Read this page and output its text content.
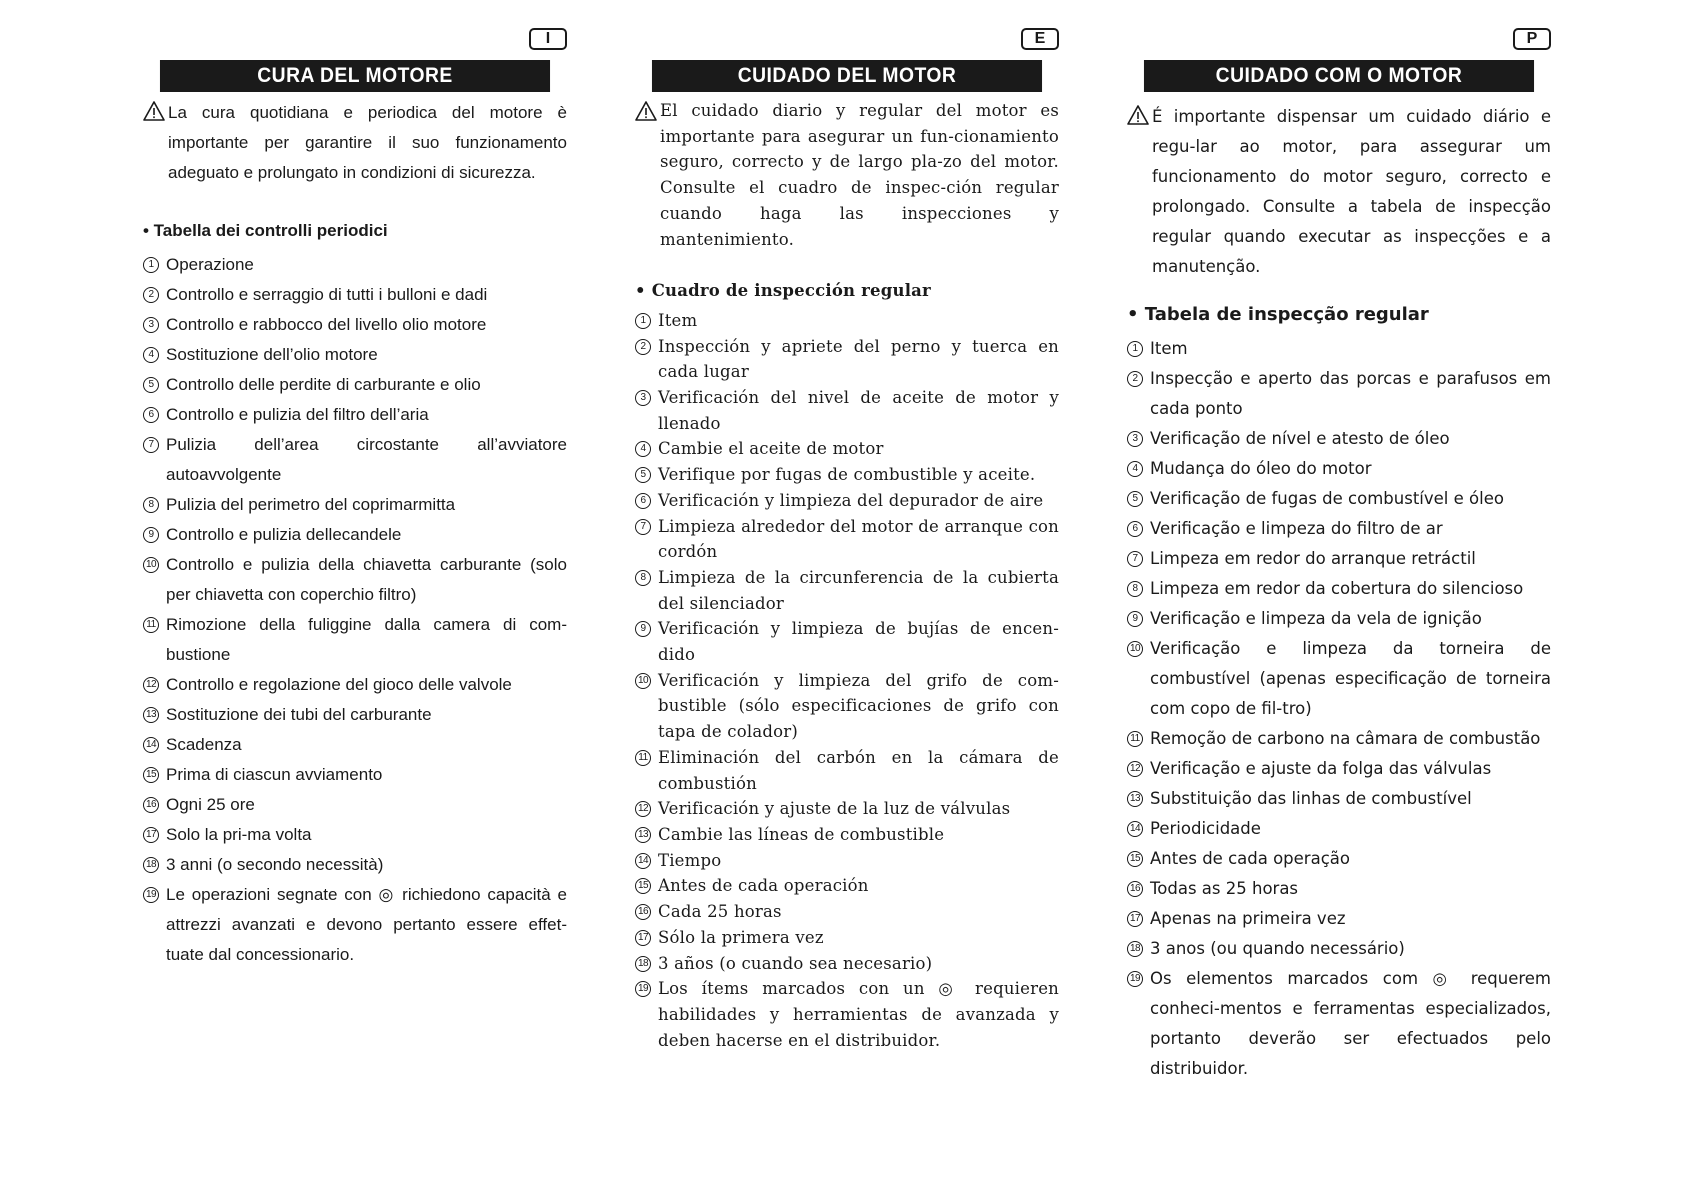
I
CURA DEL MOTORE
La cura quotidiana e periodica del motore è importante per garantire il suo funzionamento adeguato e prolungato in condizioni di sicurezza.
• Tabella dei controlli periodici
1 Operazione
2 Controllo e serraggio di tutti i bulloni e dadi
3 Controllo e rabbocco del livello olio motore
4 Sostituzione dell’olio motore
5 Controllo delle perdite di carburante e olio
6 Controllo e pulizia del filtro dell’aria
7 Pulizia dell’area circostante all’avviatore autoavvolgente
8 Pulizia del perimetro del coprimarmitta
9 Controllo e pulizia dellecandele
10 Controllo e pulizia della chiavetta carburante (solo per chiavetta con coperchio filtro)
11 Rimozione della fuliggine dalla camera di com-bustione
12 Controllo e regolazione del gioco delle valvole
13 Sostituzione dei tubi del carburante
14 Scadenza
15 Prima di ciascun avviamento
16 Ogni 25 ore
17 Solo la pri-ma volta
18 3 anni (o secondo necessità)
19 Le operazioni segnate con ◎ richiedono capacità e attrezzi avanzati e devono pertanto essere effet-tuate dal concessionario.
E
CUIDADO DEL MOTOR
El cuidado diario y regular del motor es importante para asegurar un fun-cionamiento seguro, correcto y de largo pla-zo del motor. Consulte el cuadro de inspec-ción regular cuando haga las inspecciones y mantenimiento.
• Cuadro de inspección regular
1 Item
2 Inspección y apriete del perno y tuerca en cada lugar
3 Verificación del nivel de aceite de motor y llenado
4 Cambie el aceite de motor
5 Verifique por fugas de combustible y aceite.
6 Verificación y limpieza del depurador de aire
7 Limpieza alrededor del motor de arranque con cordón
8 Limpieza de la circunferencia de la cubierta del silenciador
9 Verificación y limpieza de bujías de encen-dido
10 Verificación y limpieza del grifo de com-bustible (sólo especificaciones de grifo con tapa de colador)
11 Eliminación del carbón en la cámara de combustión
12 Verificación y ajuste de la luz de válvulas
13 Cambie las líneas de combustible
14 Tiempo
15 Antes de cada operación
16 Cada 25 horas
17 Sólo la primera vez
18 3 años (o cuando sea necesario)
19 Los ítems marcados con un ◎ requieren habilidades y herramientas de avanzada y deben hacerse en el distribuidor.
P
CUIDADO COM O MOTOR
É importante dispensar um cuidado diário e regu-lar ao motor, para assegurar um funcionamento do motor seguro, correcto e prolongado. Consulte a tabela de inspecção regular quando executar as inspecções e a manutenção.
• Tabela de inspecção regular
1 Item
2 Inspecção e aperto das porcas e parafusos em cada ponto
3 Verificação de nível e atesto de óleo
4 Mudança do óleo do motor
5 Verificação de fugas de combustível e óleo
6 Verificação e limpeza do filtro de ar
7 Limpeza em redor do arranque retráctil
8 Limpeza em redor da cobertura do silencioso
9 Verificação e limpeza da vela de ignição
10 Verificação e limpeza da torneira de combustível (apenas especificação de torneira com copo de fil-tro)
11 Remoção de carbono na câmara de combustão
12 Verificação e ajuste da folga das válvulas
13 Substituição das linhas de combustível
14 Periodicidade
15 Antes de cada operação
16 Todas as 25 horas
17 Apenas na primeira vez
18 3 anos (ou quando necessário)
19 Os elementos marcados com ◎ requerem conheci-mentos e ferramentas especializados, portanto deverão ser efectuados pelo distribuidor.
